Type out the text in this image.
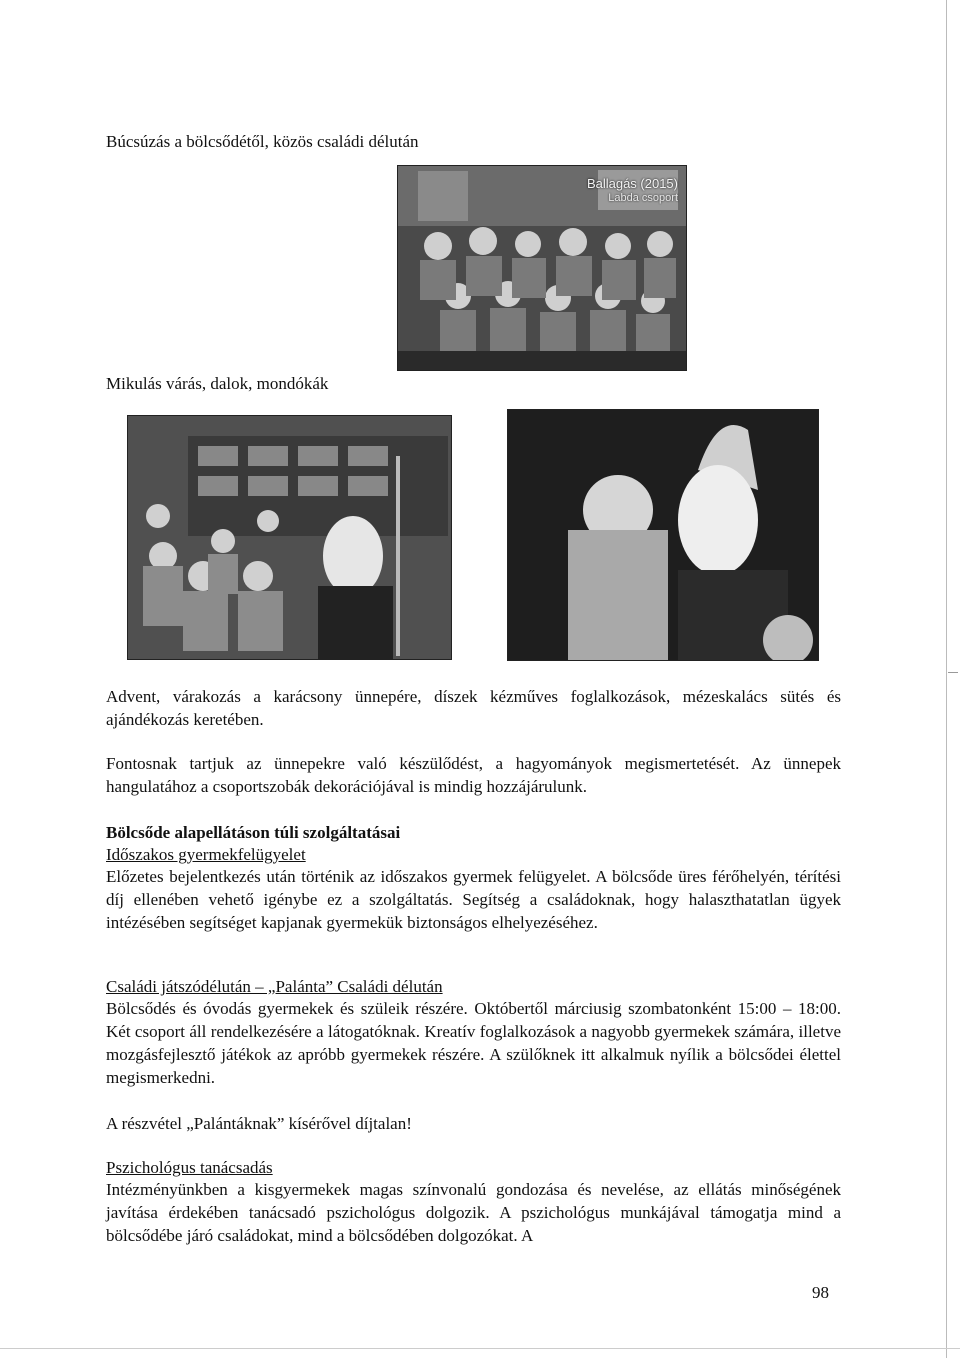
Búcsúzás a bölcsődétől, közös családi délután

Ballagás (2015)
Labda csoport

Mikulás várás, dalok, mondókák

Advent, várakozás a karácsony ünnepére, díszek kézműves foglalkozások, mézeskalács sütés és ajándékozás keretében.

Fontosnak tartjuk az ünnepekre való készülődést, a hagyományok megismertetését. Az ünnepek hangulatához a csoportszobák dekorációjával is mindig hozzájárulunk.

Bölcsőde alapellátáson túli szolgáltatásai

Időszakos gyermekfelügyelet

Előzetes bejelentkezés után történik az időszakos gyermek felügyelet. A bölcsőde üres férőhelyén, térítési díj ellenében vehető igénybe ez a szolgáltatás. Segítség a családoknak, hogy halaszthatatlan ügyek intézésében segítséget kapjanak gyermekük biztonságos elhelyezéséhez.

Családi játszódélután – „Palánta” Családi délután

Bölcsődés és óvodás gyermekek és szüleik részére. Októbertől márciusig szombatonként 15:00 – 18:00. Két csoport áll rendelkezésére a látogatóknak. Kreatív foglalkozások a nagyobb gyermekek számára, illetve mozgásfejlesztő játékok az apróbb gyermekek részére. A szülőknek itt alkalmuk nyílik a bölcsődei élettel megismerkedni.

A részvétel „Palántáknak” kísérővel díjtalan!

Pszichológus tanácsadás

Intézményünkben a kisgyermekek magas színvonalú gondozása és nevelése, az ellátás minőségének javítása érdekében tanácsadó pszichológus dolgozik. A pszichológus munkájával támogatja mind a bölcsődébe járó családokat, mind a bölcsődében dolgozókat. A

98
